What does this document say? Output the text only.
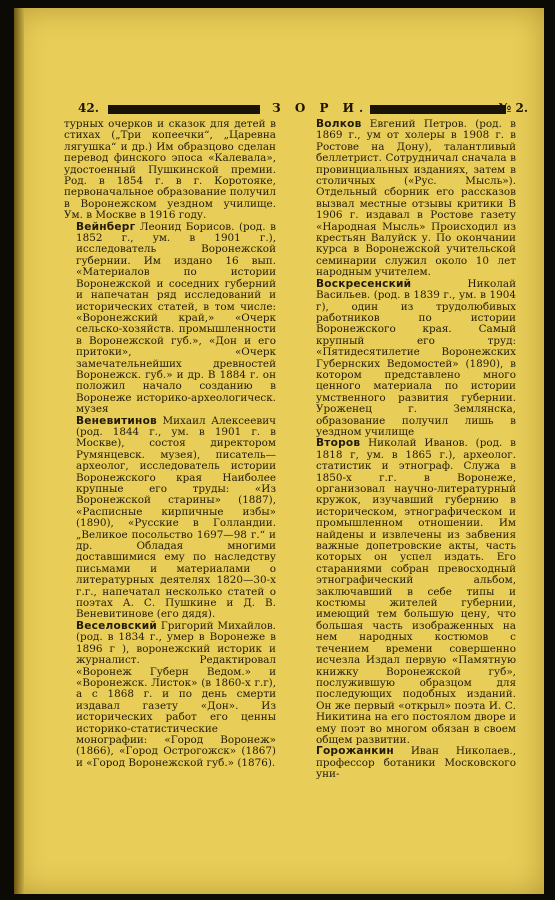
42.	З О Р И.	№ 2.

турных очерков и сказок для детей в стихах („Три копеечки“, „Царевна лягушка“ и др.) Им образцово сделан перевод финского эпоса «Калевала», удостоенный Пушкинской премии. Род. в 1854 г. в г. Коротояке, первоначальное образование получил в Воронежском уездном училище. Ум. в Москве в 1916 году.

Вейнберг Леонид Борисов. (род. в 1852 г., ум. в 1901 г.), исследователь Воронежской губернии. Им издано 16 вып. «Материалов по истории Воронежской и соседних губерний и напечатан ряд исследований и исторических статей, в том числе: «Воронежский край,» «Очерк сельско-хозяйств. промышленности в Воронежской губ.», «Дон и его притоки», «Очерк замечательнейших древностей Воронежск. губ.» и др. В 1884 г. он положил начало созданию в Воронеже историко-археологическ. музея

Веневитинов Михаил Алексеевич (род. 1844 г., ум. в 1901 г. в Москве), состоя директором Румянцевск. музея), писатель—археолог, исследователь истории Воронежского края Наиболее крупные его труды: «Из Воронежской старины» (1887), «Расписные кирпичные избы» (1890), «Русские в Голландии. „Великое посольство 1697—98 г.“ и др. Обладая многими доставшимися ему по наследству письмами и материалами о литературных деятелях 1820—30-х г.г., напечатал несколько статей о поэтах А. С. Пушкине и Д. В. Веневитинове (его дядя).

Веселовский Григорий Михайлов. (род. в 1834 г., умер в Воронеже в 1896 г ), воронежский историк и журналист. Редактировал «Воронеж Губерн Ведом.» и «Воронежск. Листок» (в 1860-х г.г), а с 1868 г. и по день смерти издавал газету «Дон». Из исторических работ его ценны историко-статистические монографии: «Город Воронеж» (1866), «Город Острогожск» (1867) и «Город Воронежской губ.» (1876).

Волков Евгений Петров. (род. в 1869 г., ум от холеры в 1908 г. в Ростове на Дону), талантливый беллетрист. Сотрудничал сначала в провинциальных изданиях, затем в столичных («Рус. Мысль»). Отдельный сборник его рассказов вызвал местные отзывы критики В 1906 г. издавал в Ростове газету «Народная Мысль» Происходил из крестьян Валуйск у. По окончании курса в Воронежской учительской семинарии служил около 10 лет народным учителем.

Воскресенский Николай Васильев. (род. в 1839 г., ум. в 1904 г), один из трудолюбивых работников по истории Воронежского края. Самый крупный его труд: «Пятидесятилетие Воронежских Губернских Ведомостей» (1890), в котором представлено много ценного материала по истории умственного развития губернии. Уроженец г. Землянска, образование получил лишь в уездном училище

Второв Николай Иванов. (род. в 1818 г, ум. в 1865 г.), археолог. статистик и этнограф. Служа в 1850-х г.г. в Воронеже, организовал научно-литературный кружок, изучавший губернию в историческом, этнографическом и промышленном отношении. Им найдены и извлечены из забвения важные допетровские акты, часть которых он успел издать. Его стараниями собран превосходный этнографический альбом, заключавший в себе типы и костюмы жителей губернии, имеющий тем большую цену, что большая часть изображенных на нем народных костюмов с течением времени совершенно исчезла Издал первую «Памятную книжку Воронежской губ», послужившую образцом для последующих подобных изданий. Он же первый «открыл» поэта И. С. Никитина на его постоялом дворе и ему поэт во многом обязан в своем общем развитии.

Горожанкин Иван Николаев., профессор ботаники Московского уни-
